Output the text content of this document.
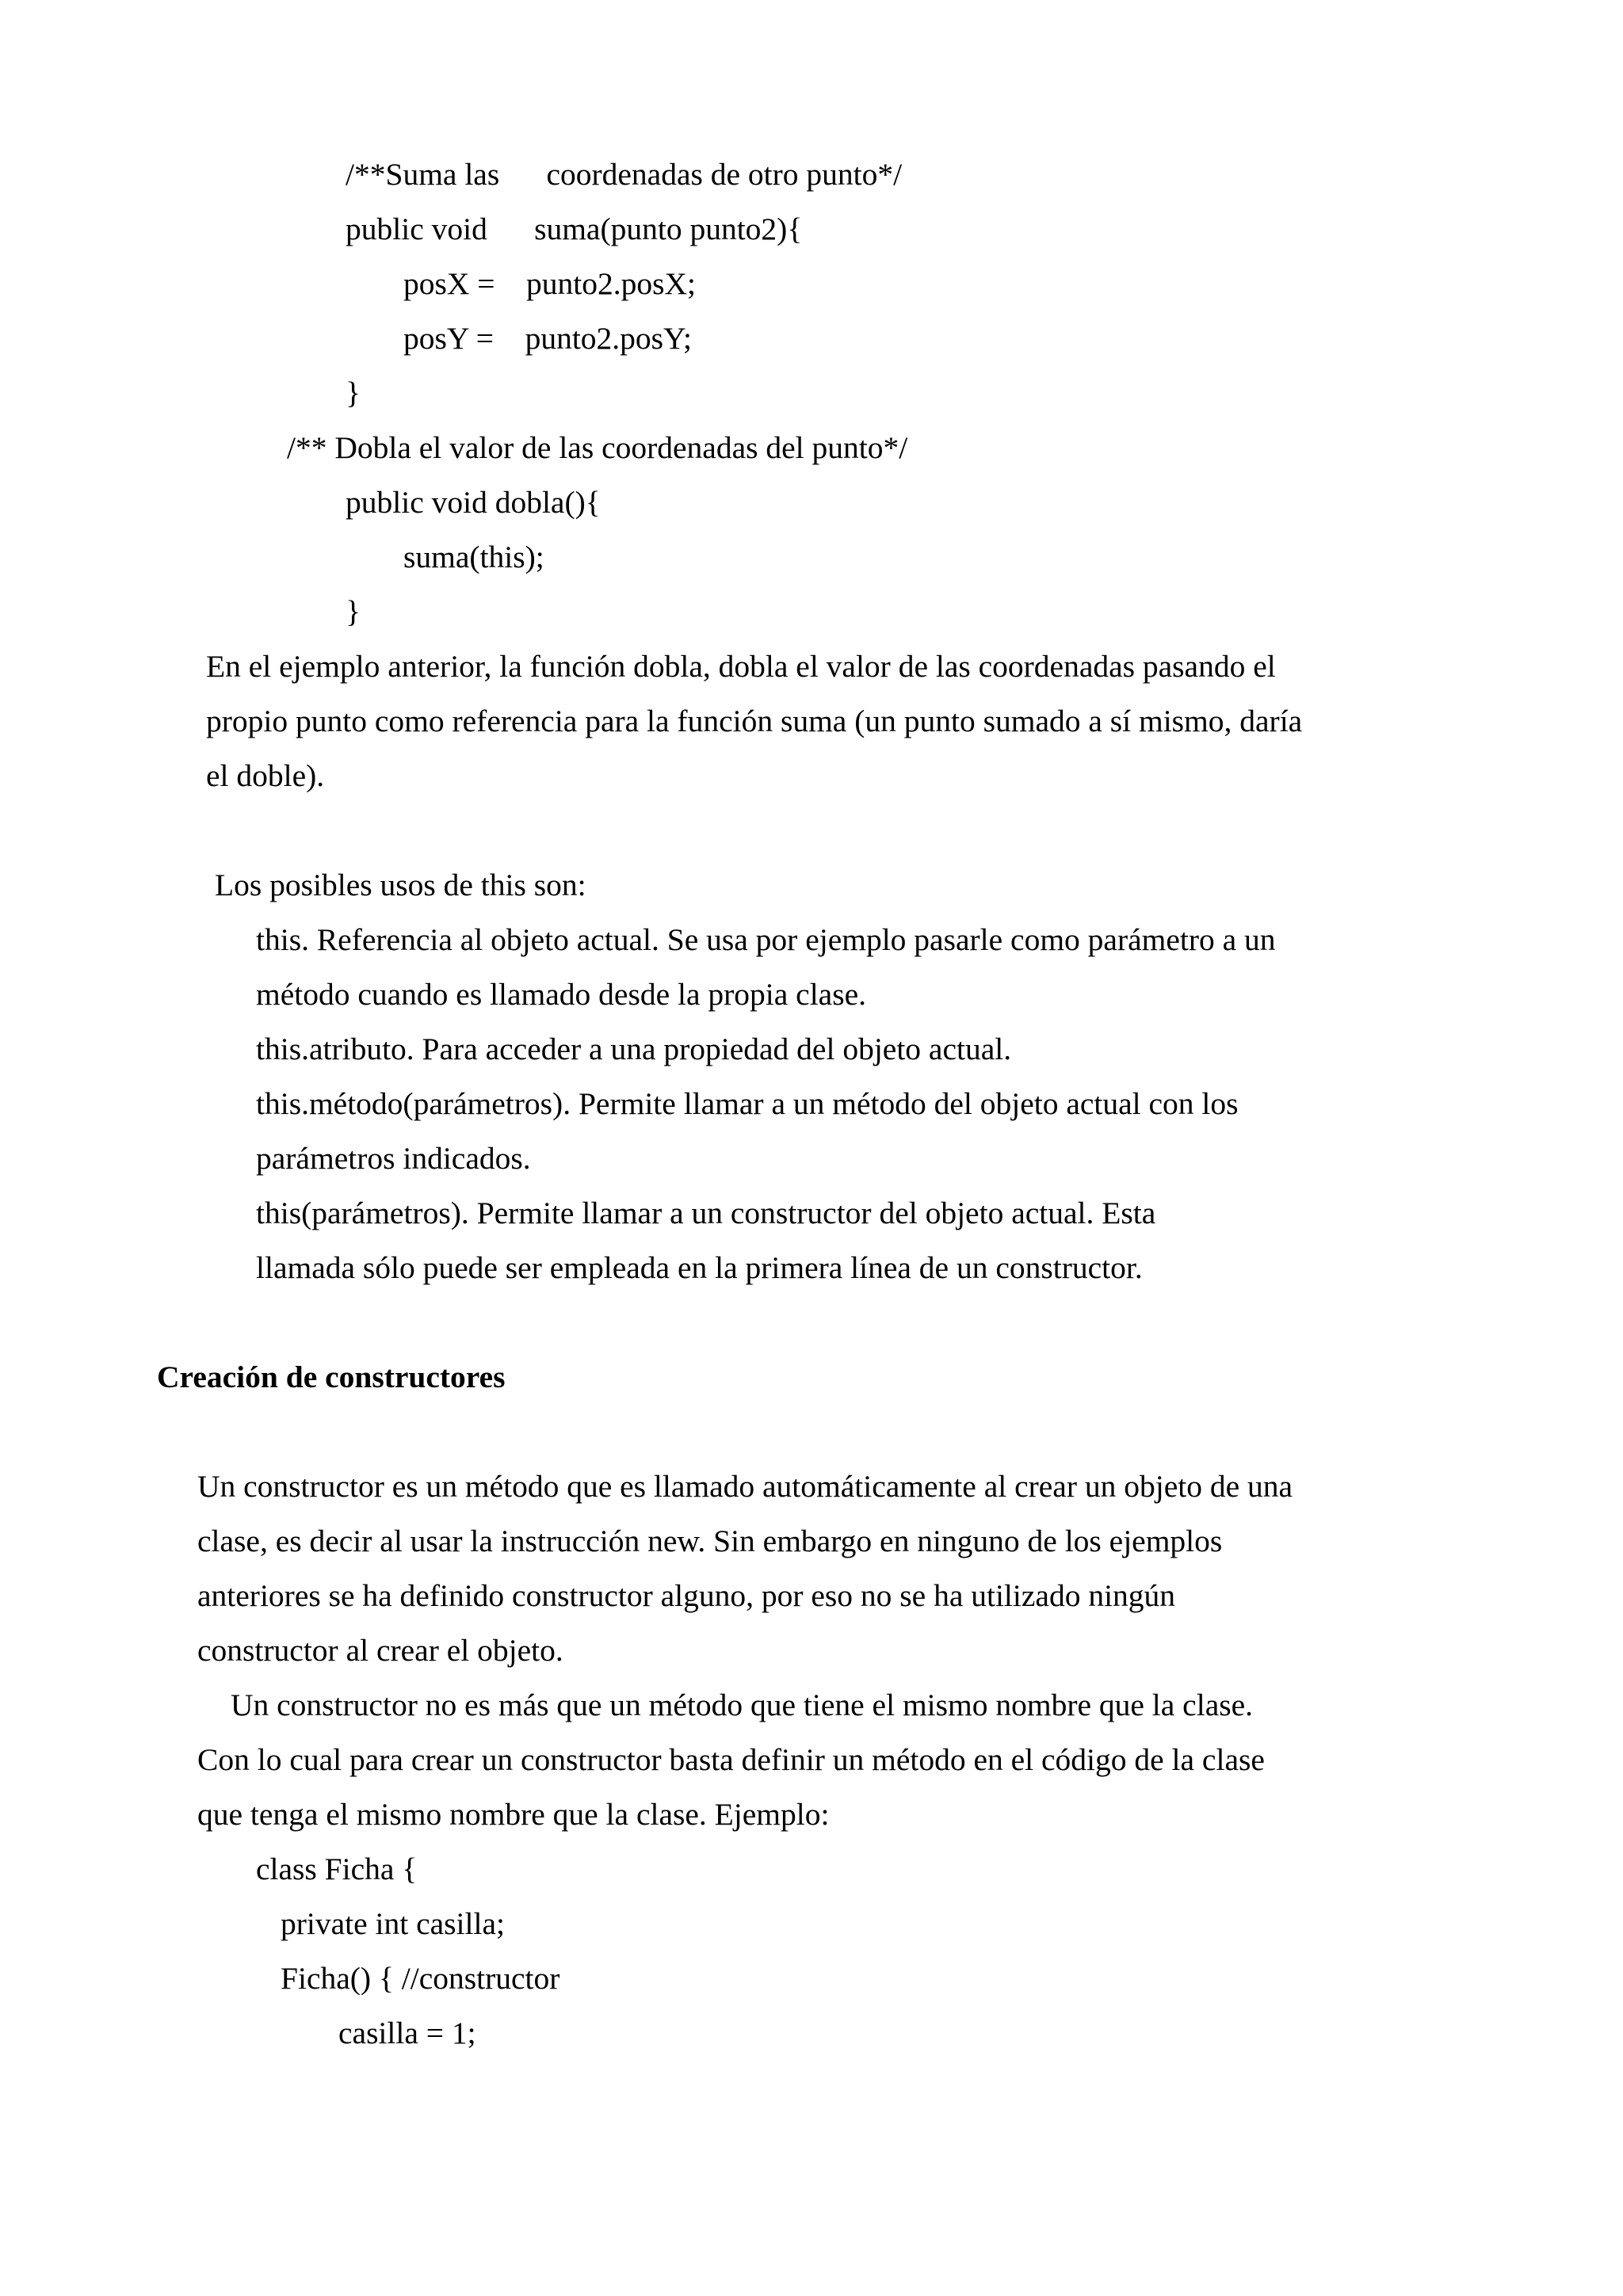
/**Suma las      coordenadas de otro punto*/
public void      suma(punto punto2){
posX =    punto2.posX;
posY =    punto2.posY;
}
/** Dobla el valor de las coordenadas del punto*/
public void dobla(){
suma(this);
}
En el ejemplo anterior, la función dobla, dobla el valor de las coordenadas pasando el
propio punto como referencia para la función suma (un punto sumado a sí mismo, daría
el doble).
Los posibles usos de this son:
this. Referencia al objeto actual. Se usa por ejemplo pasarle como parámetro a un
método cuando es llamado desde la propia clase.
this.atributo. Para acceder a una propiedad del objeto actual.
this.método(parámetros). Permite llamar a un método del objeto actual con los
parámetros indicados.
this(parámetros). Permite llamar a un constructor del objeto actual. Esta
llamada sólo puede ser empleada en la primera línea de un constructor.
Creación de constructores
Un constructor es un método que es llamado automáticamente al crear un objeto de una
clase, es decir al usar la instrucción new. Sin embargo en ninguno de los ejemplos
anteriores se ha definido constructor alguno, por eso no se ha utilizado ningún
constructor al crear el objeto.
Un constructor no es más que un método que tiene el mismo nombre que la clase.
Con lo cual para crear un constructor basta definir un método en el código de la clase
que tenga el mismo nombre que la clase. Ejemplo:
class Ficha {
private int casilla;
Ficha() { //constructor
casilla = 1;
